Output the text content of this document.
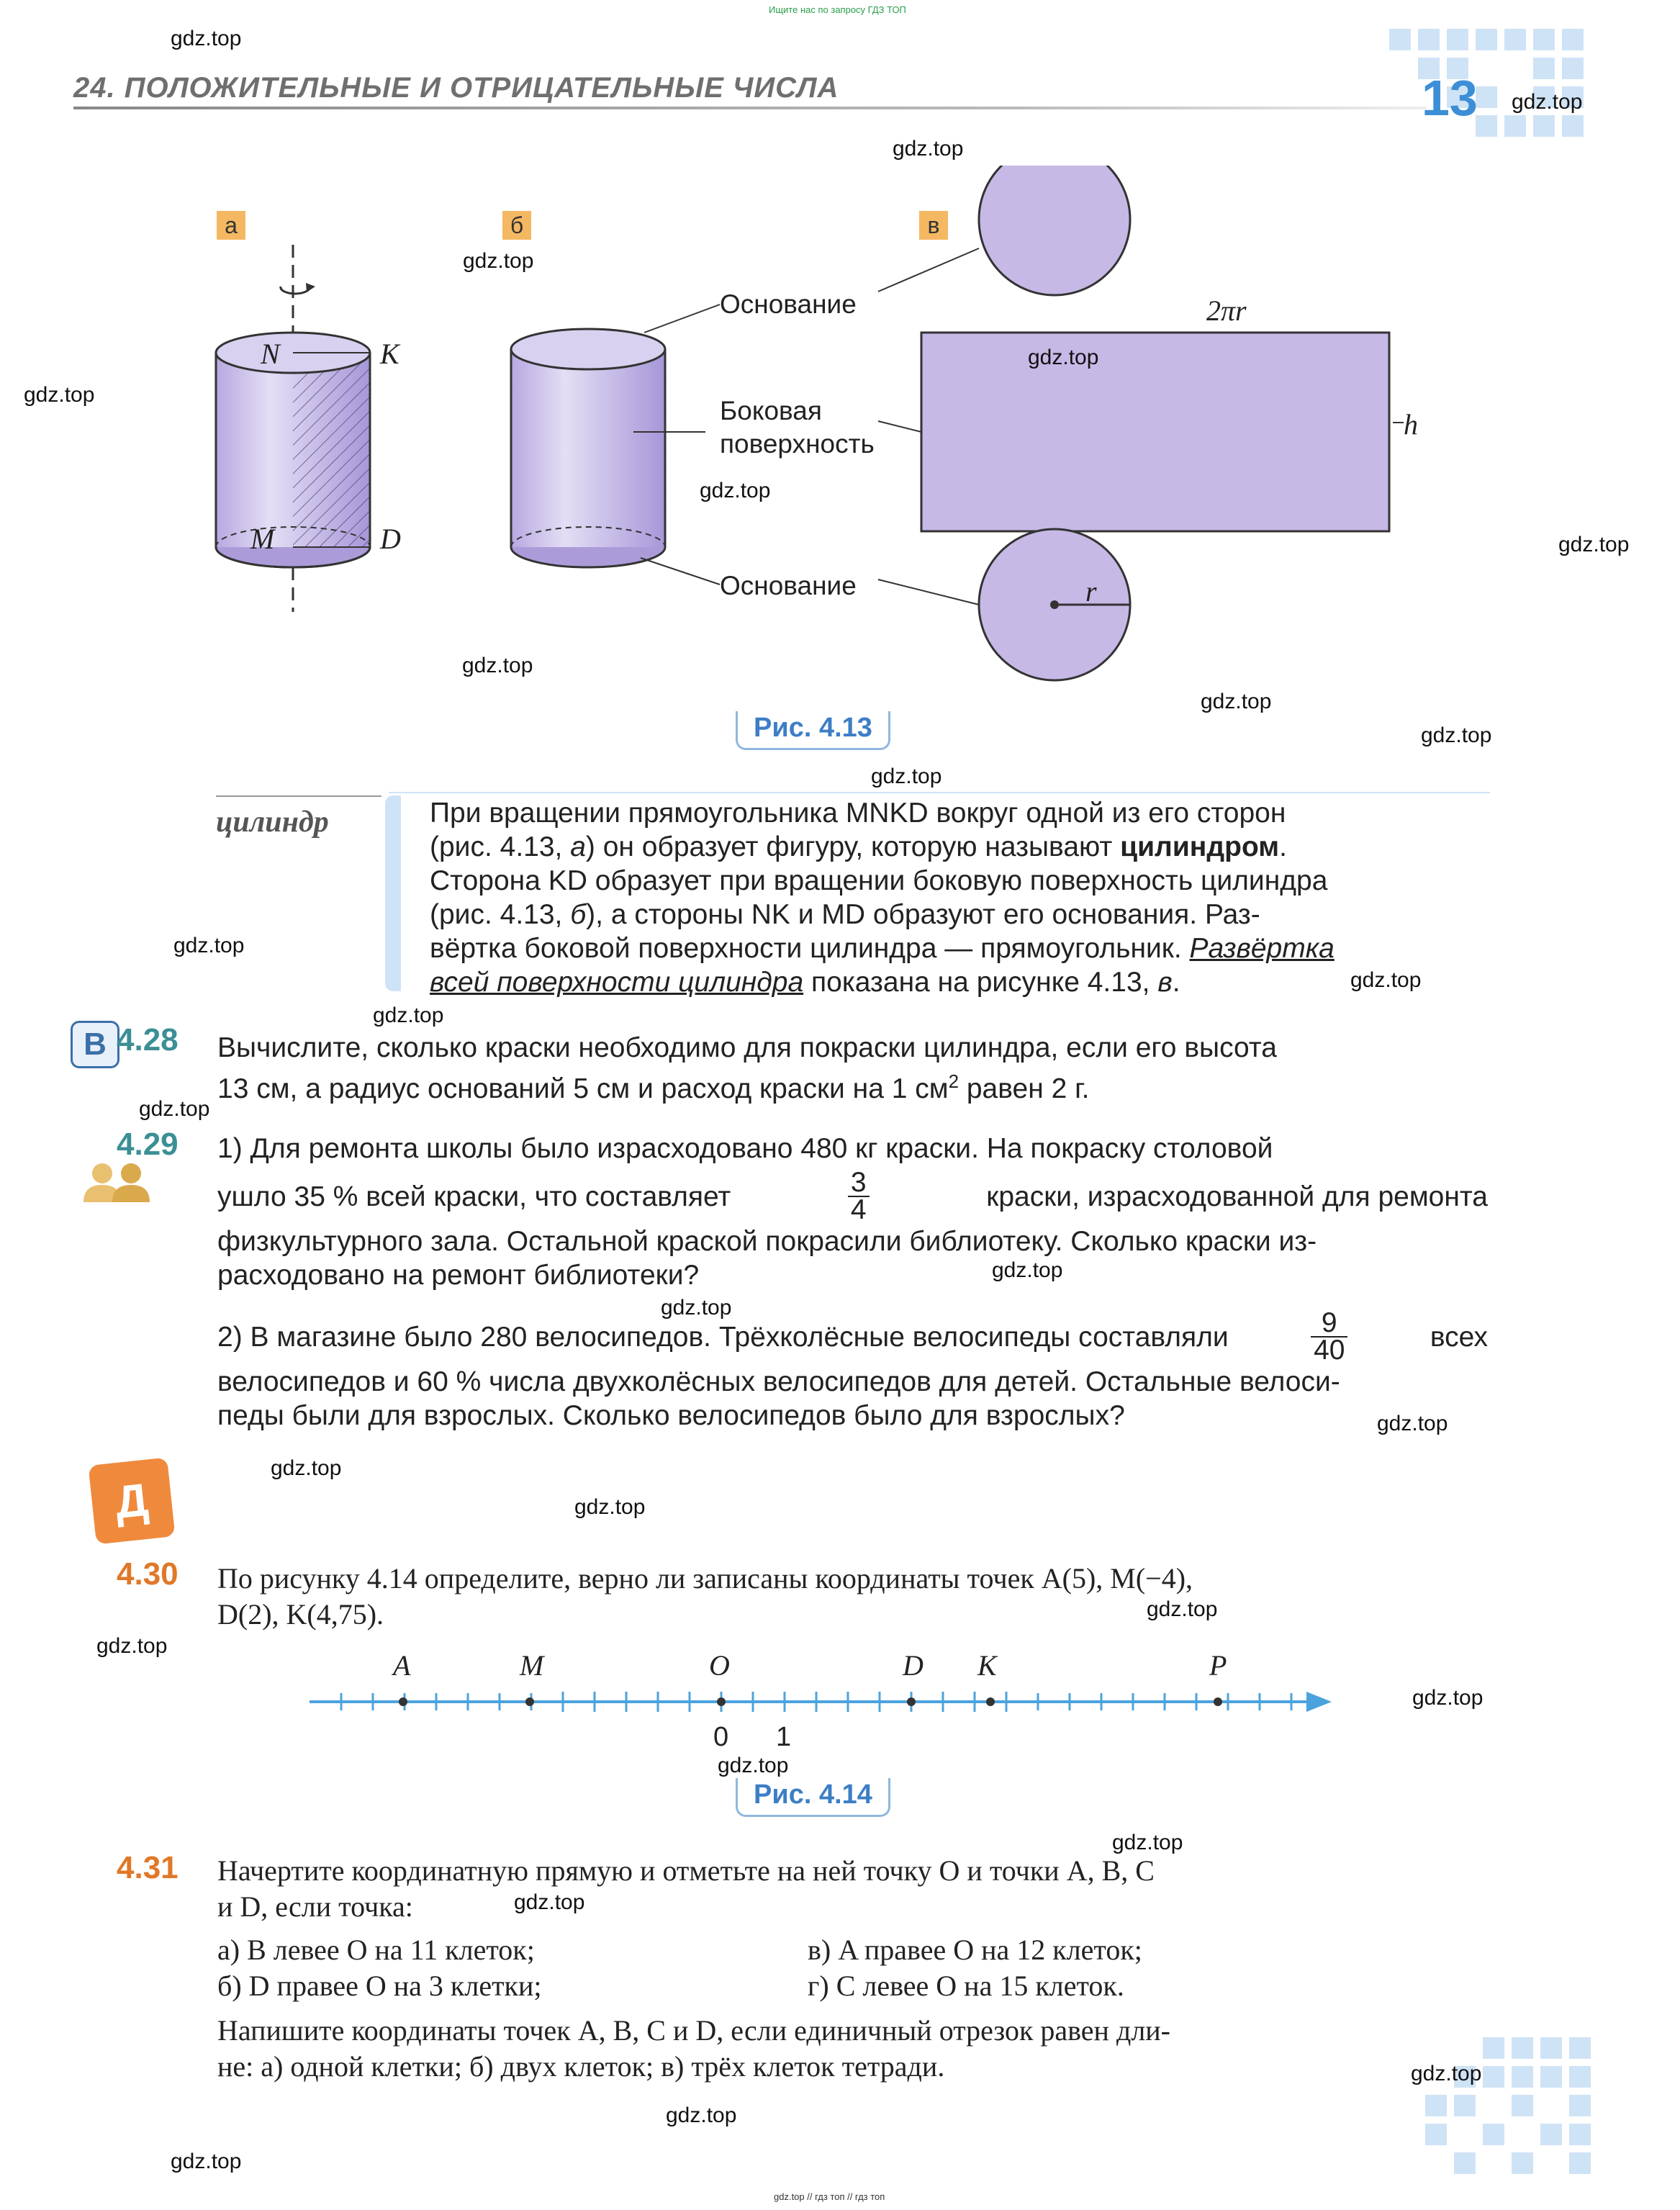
Ищите нас по запросу ГДЗ ТОП
gdz.top // гдз топ // гдз топ
24. ПОЛОЖИТЕЛЬНЫЕ И ОТРИЦАТЕЛЬНЫЕ ЧИСЛА	13
а	б	в
N	K
M	D
Основание
Боковая
поверхность
Основание
2πr
h
r
Рис. 4.13
цилиндр	При вращении прямоугольника MNKD вокруг одной из его сторон
(рис. 4.13, а) он образует фигуру, которую называют цилиндром.
Сторона KD образует при вращении боковую поверхность цилиндра
(рис. 4.13, б), а стороны NK и MD образуют его основания. Раз-
вёртка боковой поверхности цилиндра — прямоугольник. Развёртка
всей поверхности цилиндра показана на рисунке 4.13, в.
В 4.28 Вычислите, сколько краски необходимо для покраски цилиндра, если его высота
13 см, а радиус оснований 5 см и расход краски на 1 $см^2$ равен 2 г.
4.29 1) Для ремонта школы было израсходовано 480 кг краски. На покраску столовой
ушло 35 % всей краски, что составляет	$\frac{3}{4}$	краски, израсходованной для ремонта
физкультурного зала. Остальной краской покрасили библиотеку. Сколько краски из-
расходовано на ремонт библиотеки?
2) В магазине было 280 велосипедов. Трёхколёсные велосипеды составляли	$\frac{9}{40}$	всех
велосипедов и 60 % числа двухколёсных велосипедов для детей. Остальные велоси-
педы были для взрослых. Сколько велосипедов было для взрослых?
Д
4.30 По рисунку 4.14 определите, верно ли записаны координаты точек A(5), M(−4),
D(2), K(4,75).
A	M	O	D K	P
0 1
Рис. 4.14
4.31 Начертите координатную прямую и отметьте на ней точку O и точки A, B, C
и D, если точка:
а) B левее O на 11 клеток;
б) D правее O на 3 клетки;
в) A правее O на 12 клеток;
г) C левее O на 15 клеток.
Напишите координаты точек A, B, C и D, если единичный отрезок равен дли-
не: а) одной клетки; б) двух клеток; в) трёх клеток тетради.
gdz.top
gdz.top
gdz.top
gdz.top
gdz.top
gdz.top
gdz.top
gdz.top
gdz.top
gdz.top
gdz.top
gdz.top
gdz.top
gdz.top
gdz.top
gdz.top
gdz.top
gdz.top
gdz.top
gdz.top
gdz.top
gdz.top
gdz.top
gdz.top
gdz.top
gdz.top
gdz.top
gdz.top
gdz.top
gdz.top
